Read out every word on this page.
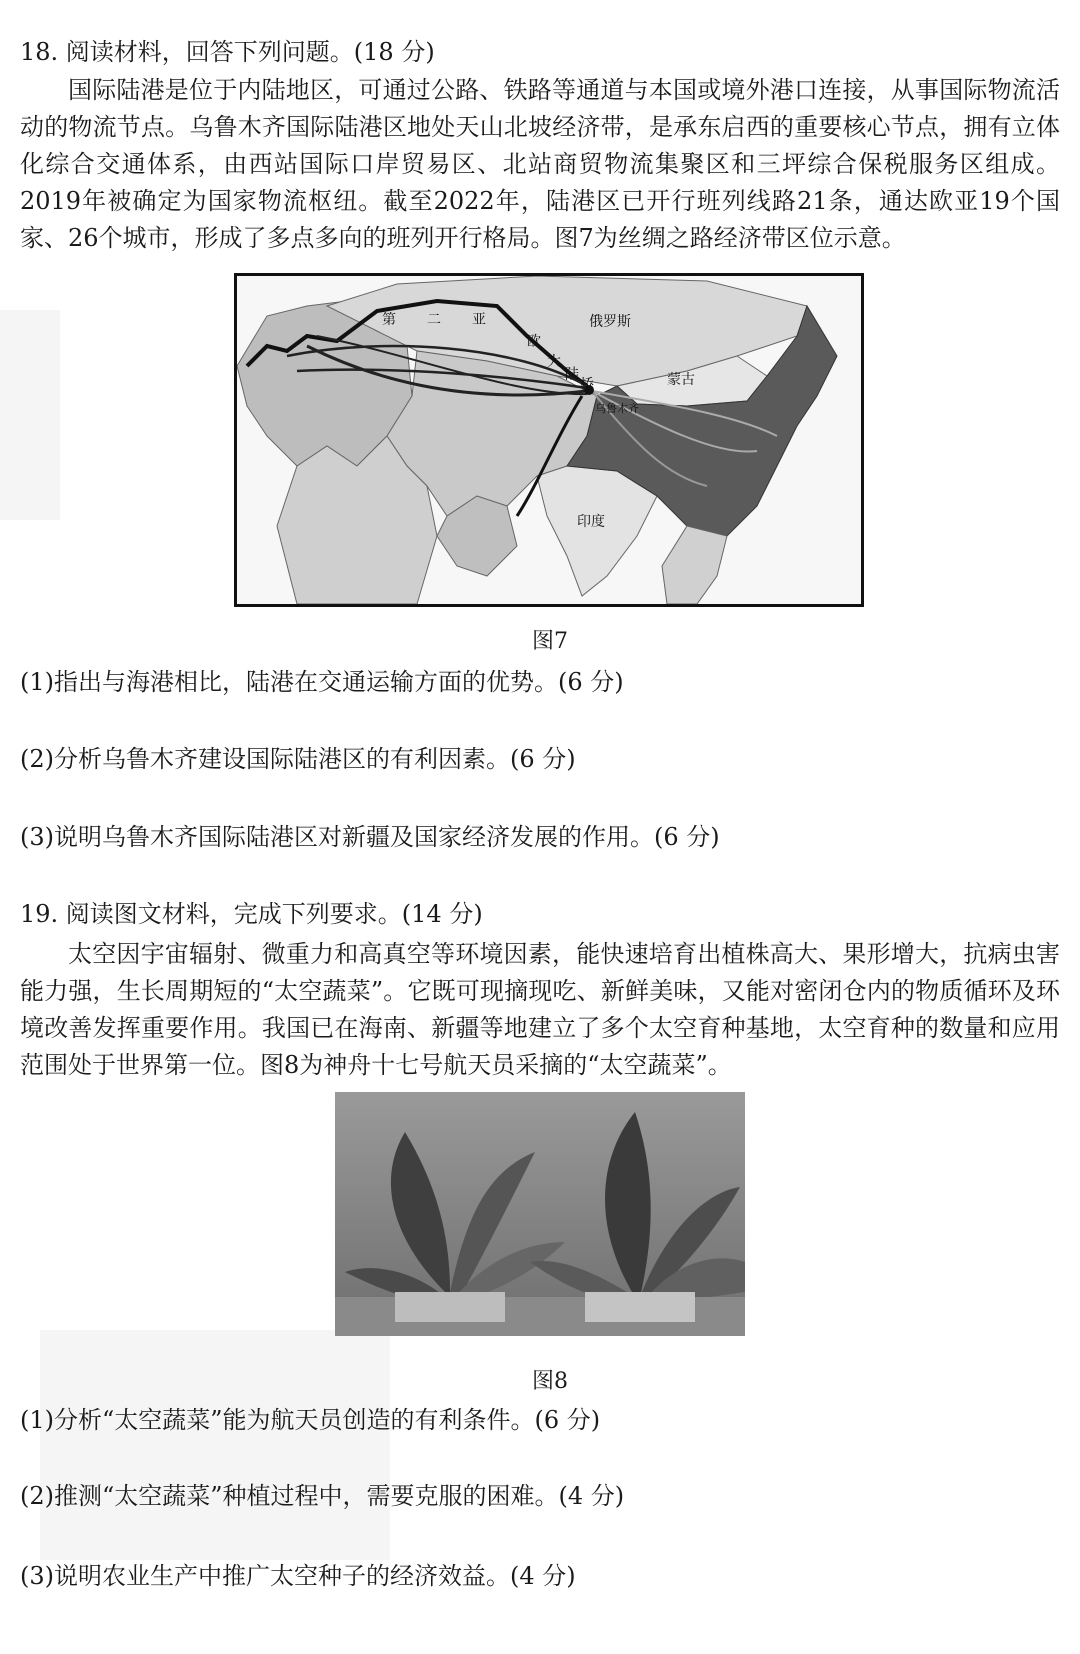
18. 阅读材料，回答下列问题。(18 分)
国际陆港是位于内陆地区，可通过公路、铁路等通道与本国或境外港口连接，从事国际物流活动的物流节点。乌鲁木齐国际陆港区地处天山北坡经济带，是承东启西的重要核心节点，拥有立体化综合交通体系，由西站国际口岸贸易区、北站商贸物流集聚区和三坪综合保税服务区组成。2019年被确定为国家物流枢纽。截至2022年，陆港区已开行班列线路21条，通达欧亚19个国家、26个城市，形成了多点多向的班列开行格局。图7为丝绸之路经济带区位示意。
俄罗斯
第 二 亚
欧
大
陆
桥	蒙古
乌鲁木齐
印度
图7
(1)指出与海港相比，陆港在交通运输方面的优势。(6 分)
(2)分析乌鲁木齐建设国际陆港区的有利因素。(6 分)
(3)说明乌鲁木齐国际陆港区对新疆及国家经济发展的作用。(6 分)
19. 阅读图文材料，完成下列要求。(14 分)
太空因宇宙辐射、微重力和高真空等环境因素，能快速培育出植株高大、果形增大，抗病虫害能力强，生长周期短的“太空蔬菜”。它既可现摘现吃、新鲜美味，又能对密闭仓内的物质循环及环境改善发挥重要作用。我国已在海南、新疆等地建立了多个太空育种基地，太空育种的数量和应用范围处于世界第一位。图8为神舟十七号航天员采摘的“太空蔬菜”。
图8
(1)分析“太空蔬菜”能为航天员创造的有利条件。(6 分)
(2)推测“太空蔬菜”种植过程中，需要克服的困难。(4 分)
(3)说明农业生产中推广太空种子的经济效益。(4 分)
